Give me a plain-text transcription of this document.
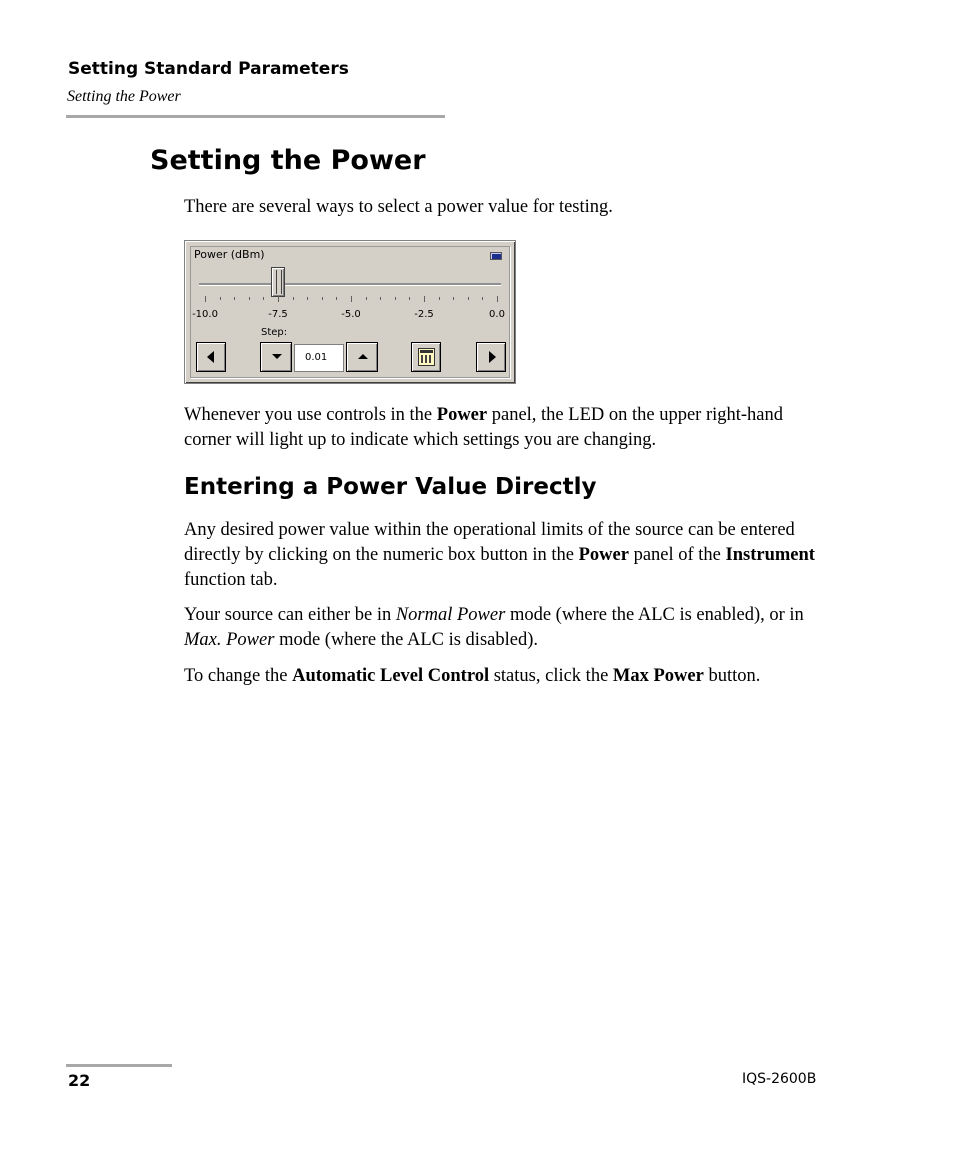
Setting Standard Parameters
Setting the Power
Setting the Power

There are several ways to select a power value for testing.

Power (dBm)
-10.0	-7.5	-5.0	-2.5	0.0
Step:
0.01

Whenever you use controls in the Power panel, the LED on the upper right-hand corner will light up to indicate which settings you are changing.

Entering a Power Value Directly

Any desired power value within the operational limits of the source can be entered directly by clicking on the numeric box button in the Power panel of the Instrument function tab.

Your source can either be in Normal Power mode (where the ALC is enabled), or in Max. Power mode (where the ALC is disabled).

To change the Automatic Level Control status, click the Max Power button.

22	IQS-2600B
